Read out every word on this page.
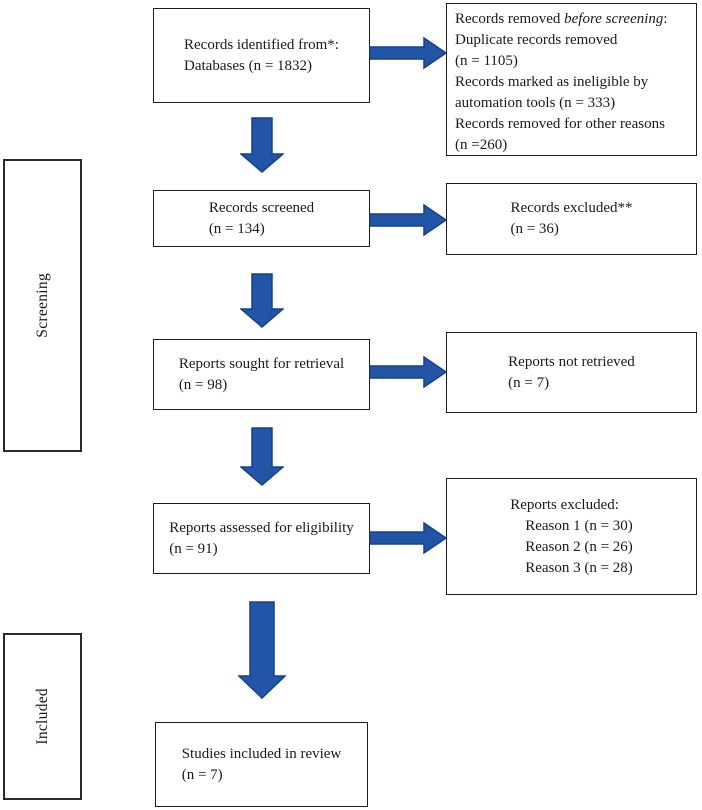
Screening
Included
Records identified from*:
Databases (n = 1832)
Records screened
(n = 134)
Reports sought for retrieval
(n = 98)
Reports assessed for eligibility
(n = 91)
Studies included in review
(n = 7)
Records removed before screening:
Duplicate records removed
(n = 1105)
Records marked as ineligible by
automation tools (n = 333)
Records removed for other reasons
(n =260)
Records excluded**
(n = 36)
Reports not retrieved
(n = 7)
Reports excluded:
Reason 1 (n = 30)
Reason 2 (n = 26)
Reason 3 (n = 28)
